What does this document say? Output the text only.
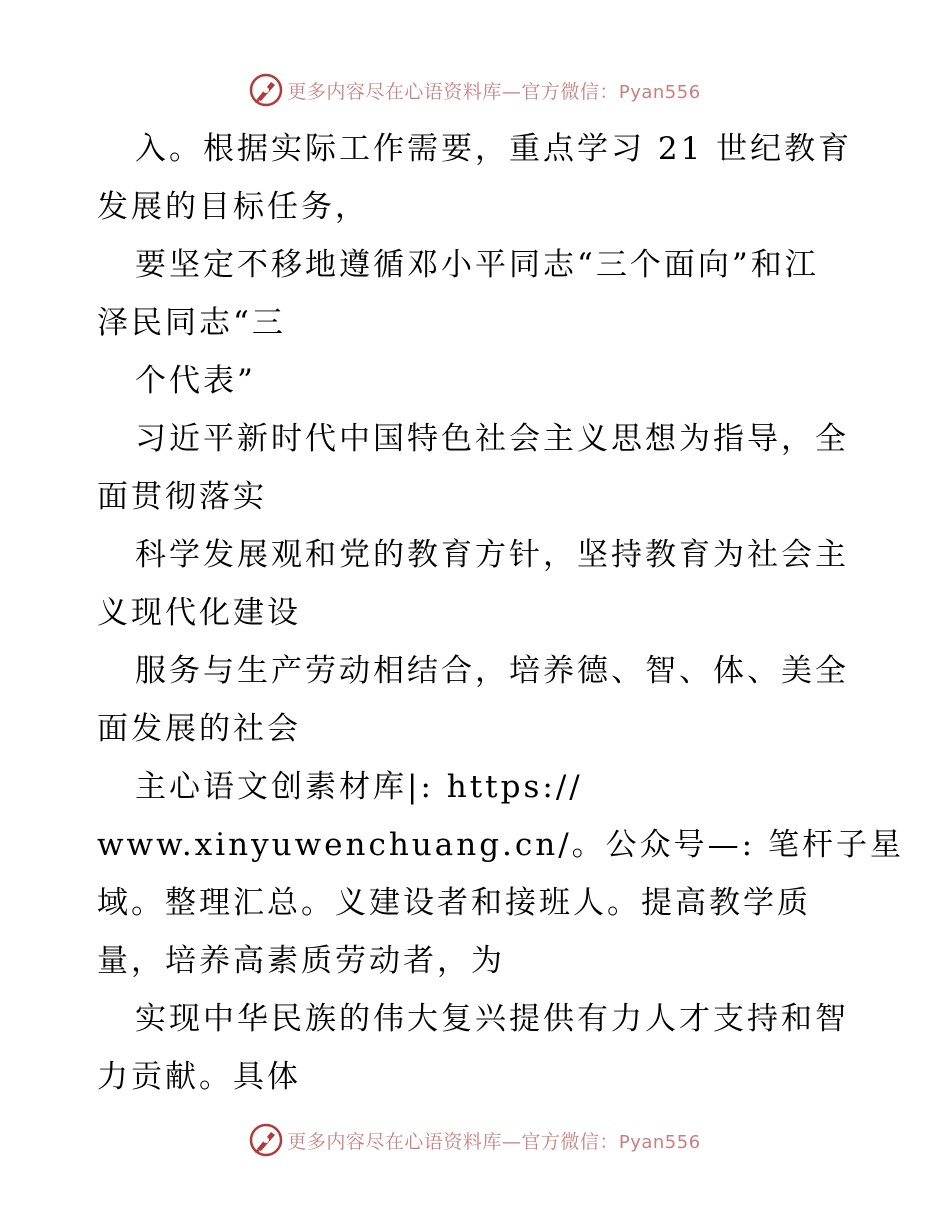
更多内容尽在心语资料库—官方微信：Pyan556
入。根据实际工作需要，重点学习 21 世纪教育
发展的目标任务，
要坚定不移地遵循邓小平同志“三个面向”和江
泽民同志“三
个代表”
习近平新时代中国特色社会主义思想为指导，全
面贯彻落实
科学发展观和党的教育方针，坚持教育为社会主
义现代化建设
服务与生产劳动相结合，培养德、智、体、美全
面发展的社会
主心语文创素材库|: https://
www.xinyuwenchuang.cn/。公众号—: 笔杆子星
域。整理汇总。义建设者和接班人。提高教学质
量，培养高素质劳动者，为
实现中华民族的伟大复兴提供有力人才支持和智
力贡献。具体
更多内容尽在心语资料库—官方微信：Pyan556
